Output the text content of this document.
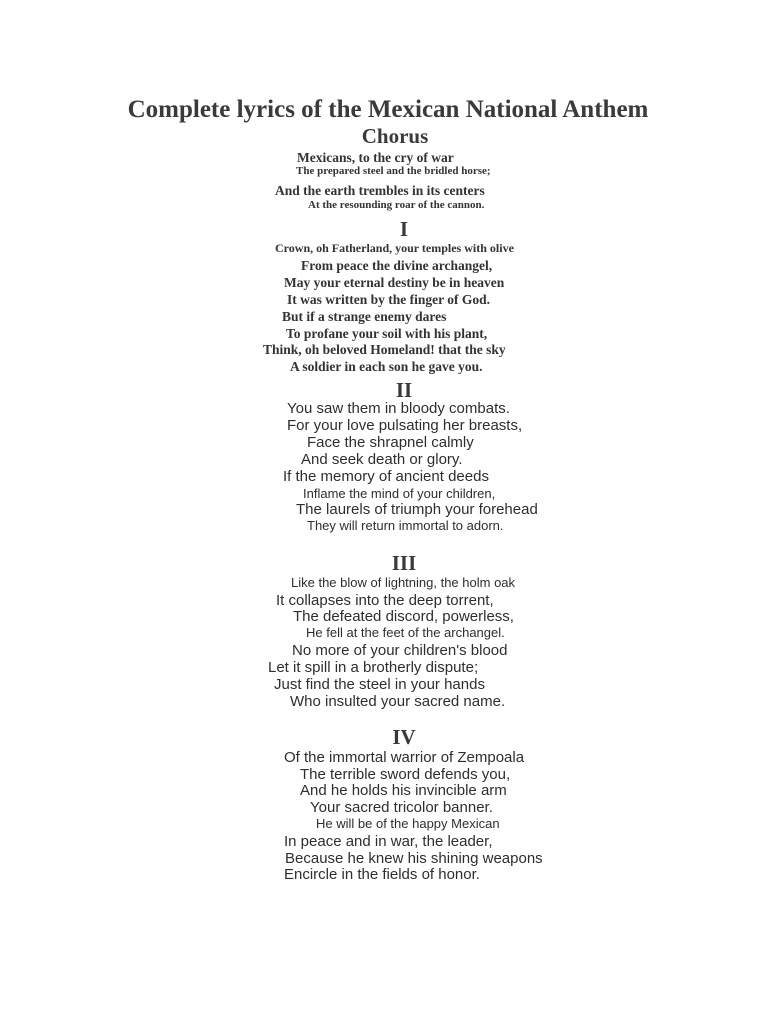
Complete lyrics of the Mexican National Anthem
Chorus
Mexicans, to the cry of war
The prepared steel and the bridled horse;
And the earth trembles in its centers
At the resounding roar of the cannon.
I
Crown, oh Fatherland, your temples with olive
From peace the divine archangel,
May your eternal destiny be in heaven
It was written by the finger of God.
But if a strange enemy dares
To profane your soil with his plant,
Think, oh beloved Homeland! that the sky
A soldier in each son he gave you.
II
You saw them in bloody combats.
For your love pulsating her breasts,
Face the shrapnel calmly
And seek death or glory.
If the memory of ancient deeds
Inflame the mind of your children,
The laurels of triumph your forehead
They will return immortal to adorn.
III
Like the blow of lightning, the holm oak
It collapses into the deep torrent,
The defeated discord, powerless,
He fell at the feet of the archangel.
No more of your children's blood
Let it spill in a brotherly dispute;
Just find the steel in your hands
Who insulted your sacred name.
IV
Of the immortal warrior of Zempoala
The terrible sword defends you,
And he holds his invincible arm
Your sacred tricolor banner.
He will be of the happy Mexican
In peace and in war, the leader,
Because he knew his shining weapons
Encircle in the fields of honor.
